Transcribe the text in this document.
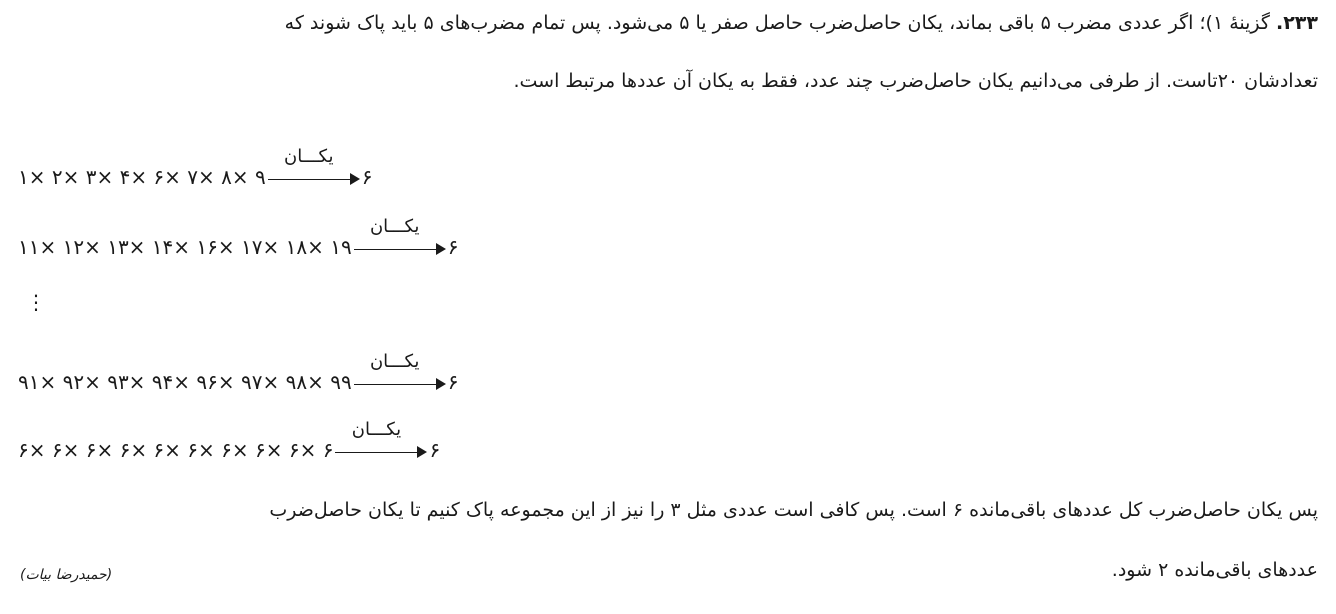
۲۳۳. گزینۀ ۱)؛ اگر عددی مضرب ۵ باقی بماند، یکان حاصل‌ضرب حاصل صفر یا ۵ می‌شود. پس تمام مضرب‌های ۵ باید پاک شوند که
تعدادشان ۲۰تاست. از طرفی می‌دانیم یکان حاصل‌ضرب چند عدد، فقط به یکان آن عددها مرتبط است.
۱× ۲× ۳× ۴× ۶× ۷× ۸× ۹
یکـــان
۶
۱۱× ۱۲× ۱۳× ۱۴× ۱۶× ۱۷× ۱۸× ۱۹
یکـــان
۶
⋮
۹۱× ۹۲× ۹۳× ۹۴× ۹۶× ۹۷× ۹۸× ۹۹
یکـــان
۶
۶× ۶× ۶× ۶× ۶× ۶× ۶× ۶× ۶× ۶
یکـــان
۶
پس یکان حاصل‌ضرب کل عددهای باقی‌مانده ۶ است. پس کافی است عددی مثل ۳ را نیز از این مجموعه پاک کنیم تا یکان حاصل‌ضرب
عددهای باقی‌مانده ۲ شود.
(حمیدرضا بیات)
